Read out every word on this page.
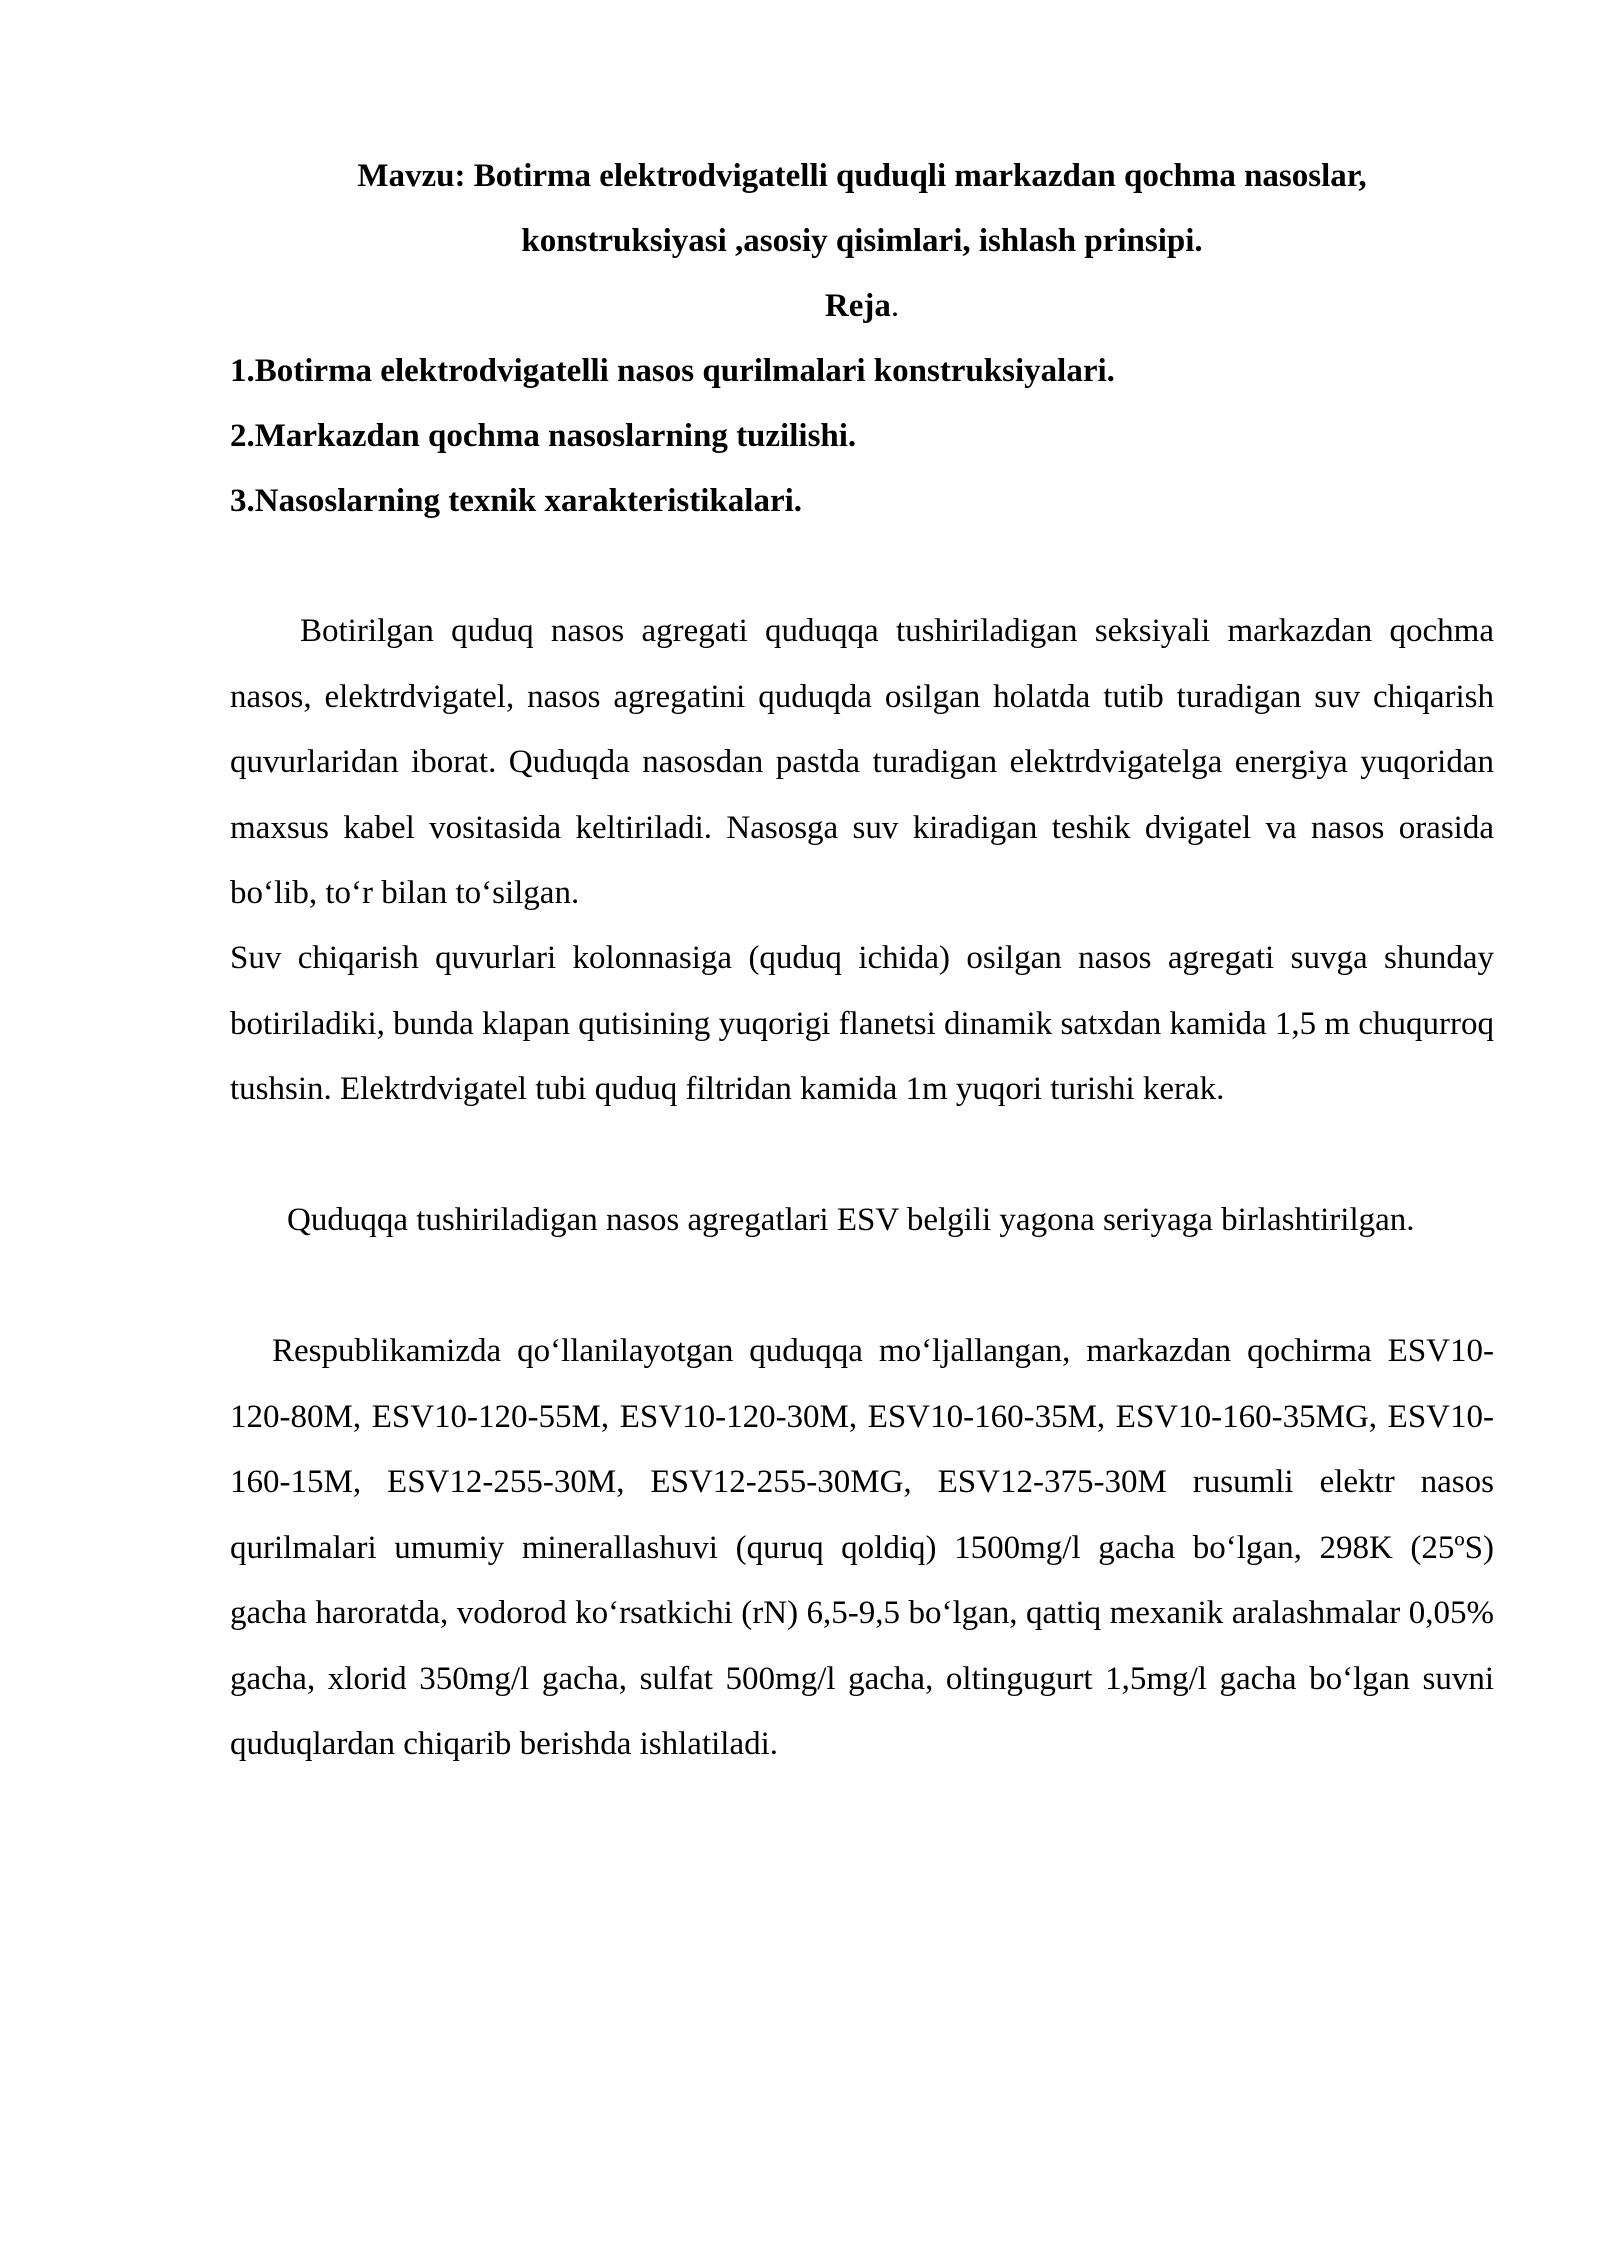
Mavzu: Botirma elektrodvigatelli quduqli markazdan qochma nasoslar,
konstruksiyasi ,asosiy qisimlari, ishlash prinsipi.
Reja.
1.Botirma elektrodvigatelli nasos qurilmalari konstruksiyalari.
2.Markazdan qochma nasoslarning tuzilishi.
3.Nasoslarning texnik xarakteristikalari.
Botirilgan quduq nasos agregati quduqqa tushiriladigan seksiyali markazdan qochma nasos, elektrdvigatel, nasos agregatini quduqda osilgan holatda tutib turadigan suv chiqarish quvurlaridan iborat. Quduqda nasosdan pastda turadigan elektrdvigatelga energiya yuqoridan maxsus kabel vositasida keltiriladi. Nasosga suv kiradigan teshik dvigatel va nasos orasida bo‘lib, to‘r bilan to‘silgan.
Suv chiqarish quvurlari kolonnasiga (quduq ichida) osilgan nasos agregati suvga shunday botiriladiki, bunda klapan qutisining yuqorigi flanetsi dinamik satxdan kamida 1,5 m chuqurroq tushsin. Elektrdvigatel tubi quduq filtridan kamida 1m yuqori turishi kerak.
Quduqqa tushiriladigan nasos agregatlari ESV belgili yagona seriyaga birlashtirilgan.
Respublikamizda qo‘llanilayotgan quduqqa mo‘ljallangan, markazdan qochirma ESV10-120-80M, ESV10-120-55M, ESV10-120-30M, ESV10-160-35M, ESV10-160-35MG, ESV10-160-15M, ESV12-255-30M, ESV12-255-30MG, ESV12-375-30M rusumli elektr nasos qurilmalari umumiy minerallashuvi (quruq qoldiq) 1500mg/l gacha bo‘lgan, 298K (25ºS) gacha haroratda, vodorod ko‘rsatkichi (rN) 6,5-9,5 bo‘lgan, qattiq mexanik aralashmalar 0,05% gacha, xlorid 350mg/l gacha, sulfat 500mg/l gacha, oltingugurt 1,5mg/l gacha bo‘lgan suvni quduqlardan chiqarib berishda ishlatiladi.
